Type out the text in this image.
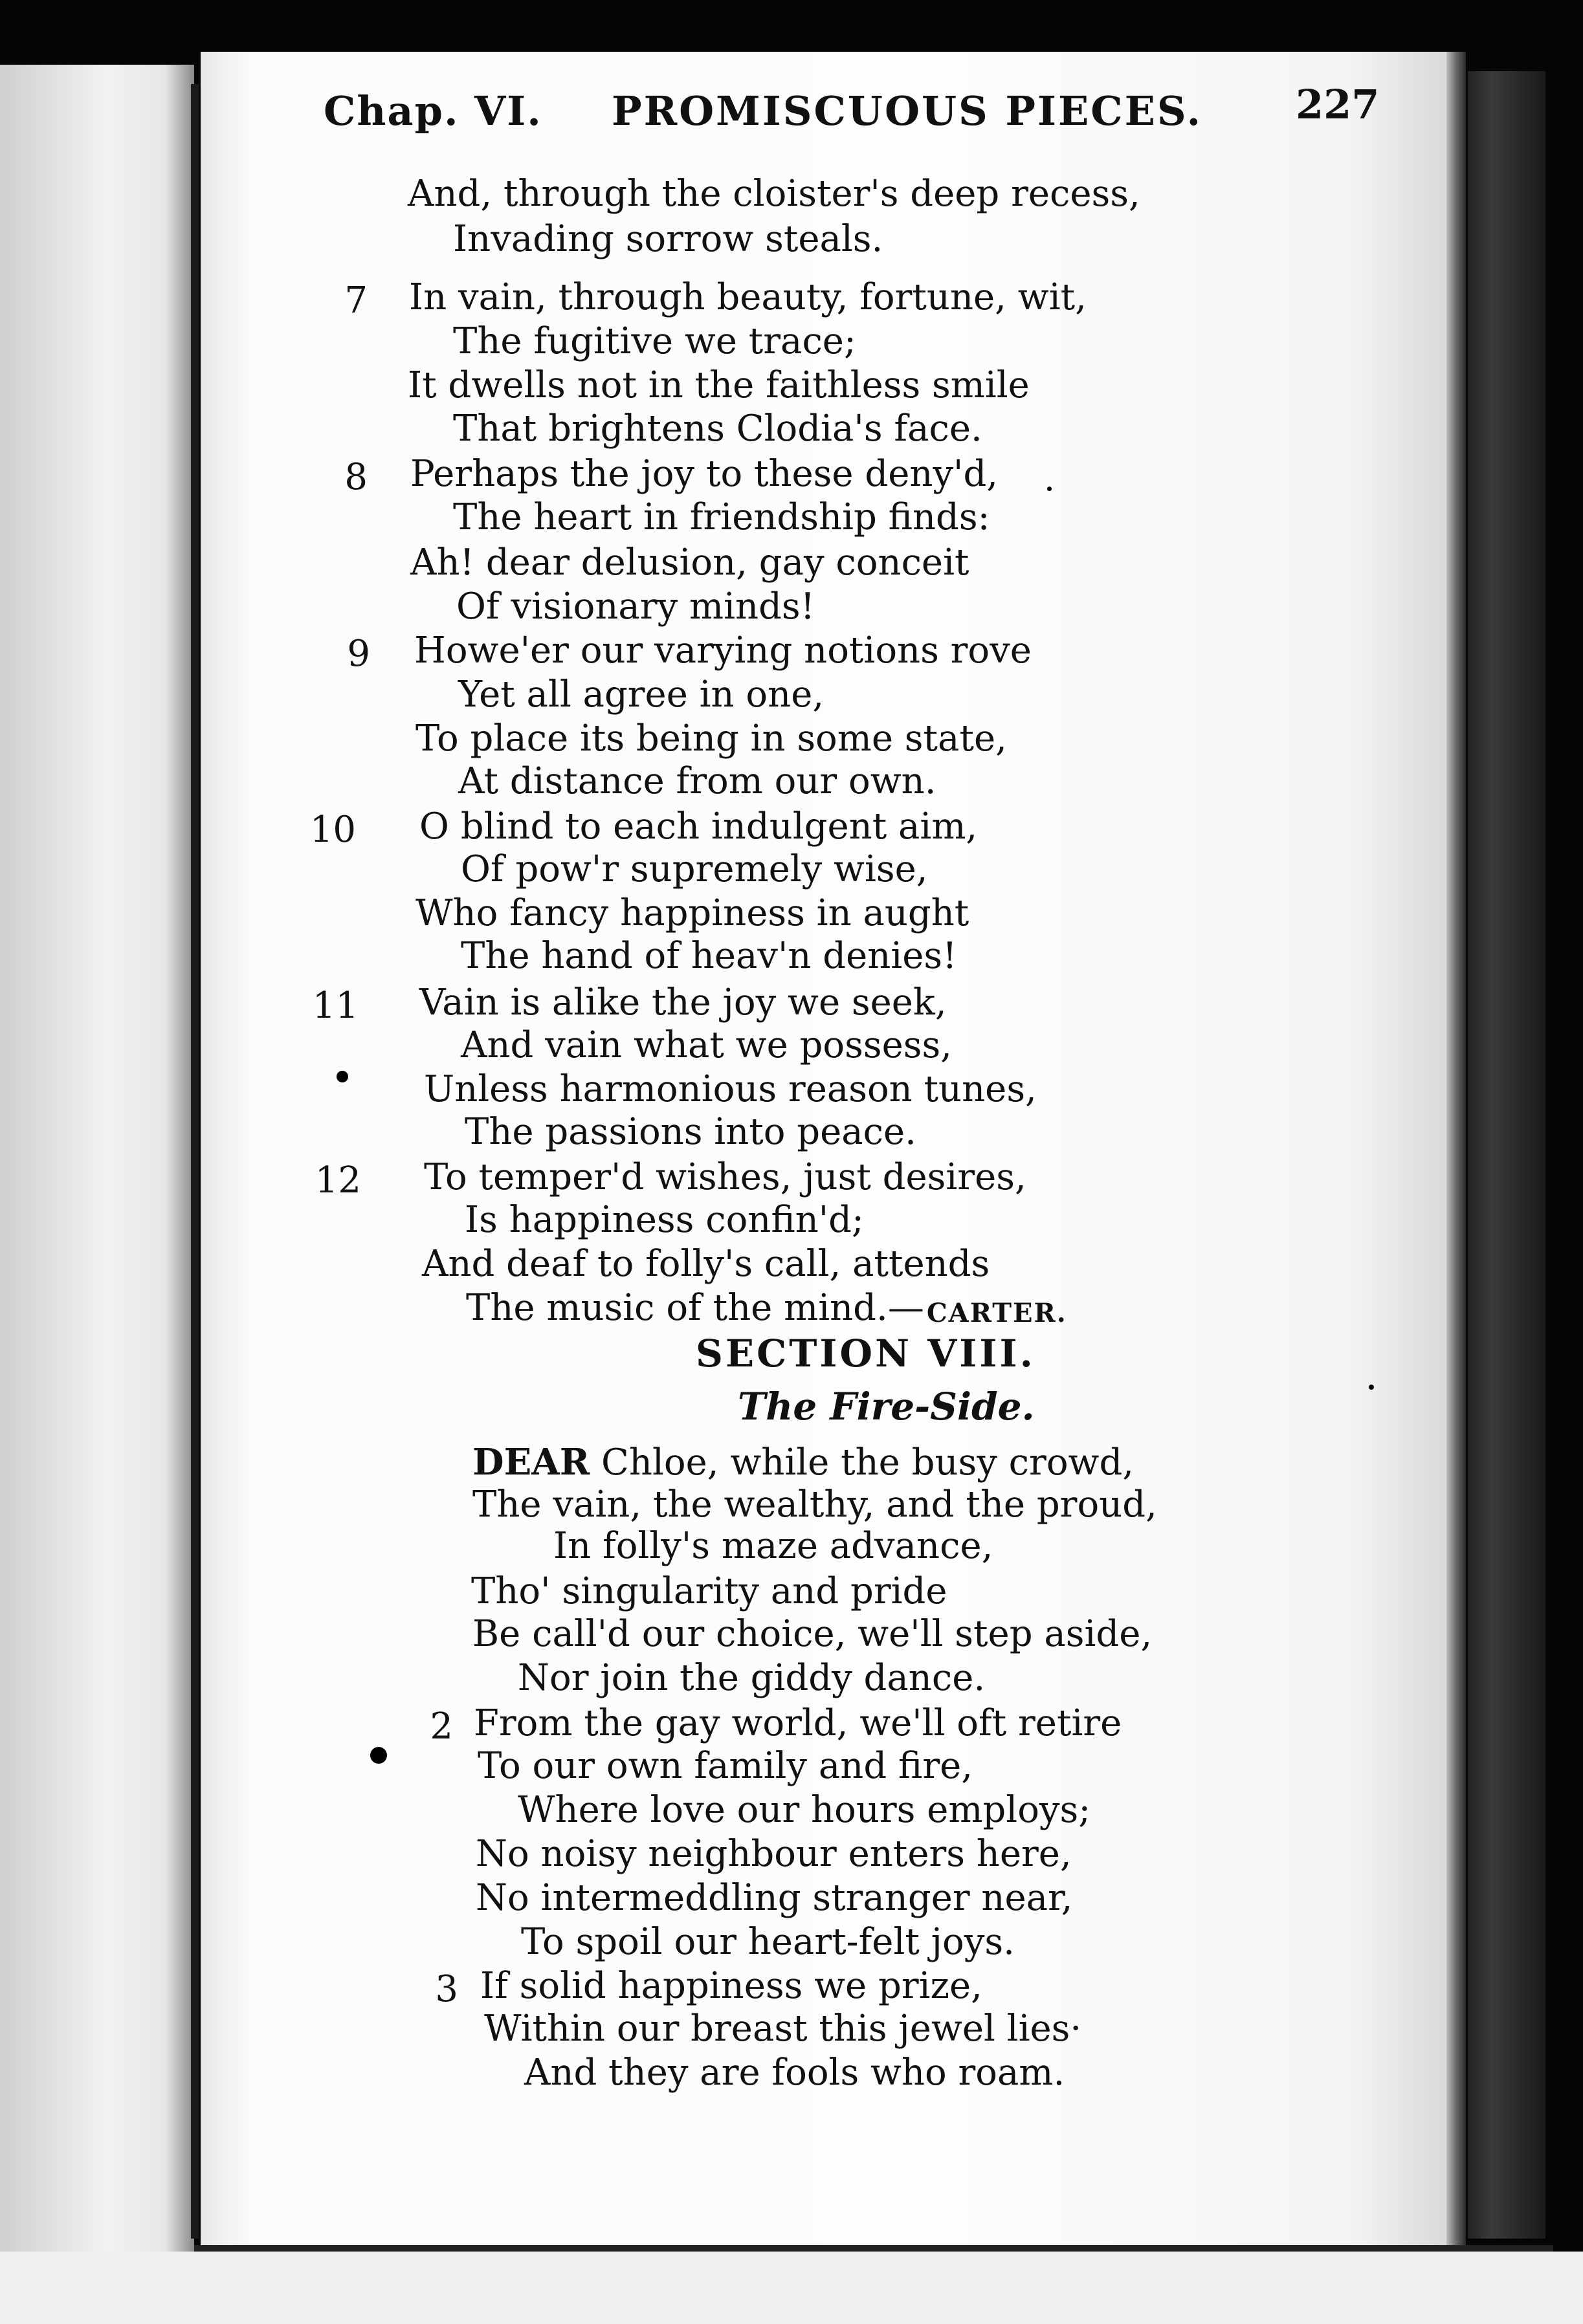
Chap. VI. PROMISCUOUS PIECES. 227
And, through the cloister's deep recess,
Invading sorrow steals.
7 In vain, through beauty, fortune, wit,
The fugitive we trace;
It dwells not in the faithless smile
That brightens Clodia's face.
8 Perhaps the joy to these deny'd,
The heart in friendship finds:
Ah! dear delusion, gay conceit
Of visionary minds!
9 Howe'er our varying notions rove
Yet all agree in one,
To place its being in some state,
At distance from our own.
10 O blind to each indulgent aim,
Of pow'r supremely wise,
Who fancy happiness in aught
The hand of heav'n denies!
11 Vain is alike the joy we seek,
And vain what we possess,
Unless harmonious reason tunes,
The passions into peace.
12 To temper'd wishes, just desires,
Is happiness confin'd;
And deaf to folly's call, attends
The music of the mind.— CARTER.
SECTION VIII.
The Fire-Side.
DEAR Chloe, while the busy crowd,
The vain, the wealthy, and the proud,
In folly's maze advance,
Tho' singularity and pride
Be call'd our choice, we'll step aside,
Nor join the giddy dance.
2 From the gay world, we'll oft retire
To our own family and fire,
Where love our hours employs;
No noisy neighbour enters here,
No intermeddling stranger near,
To spoil our heart-felt joys.
3 If solid happiness we prize,
Within our breast this jewel lies·
And they are fools who roam.
